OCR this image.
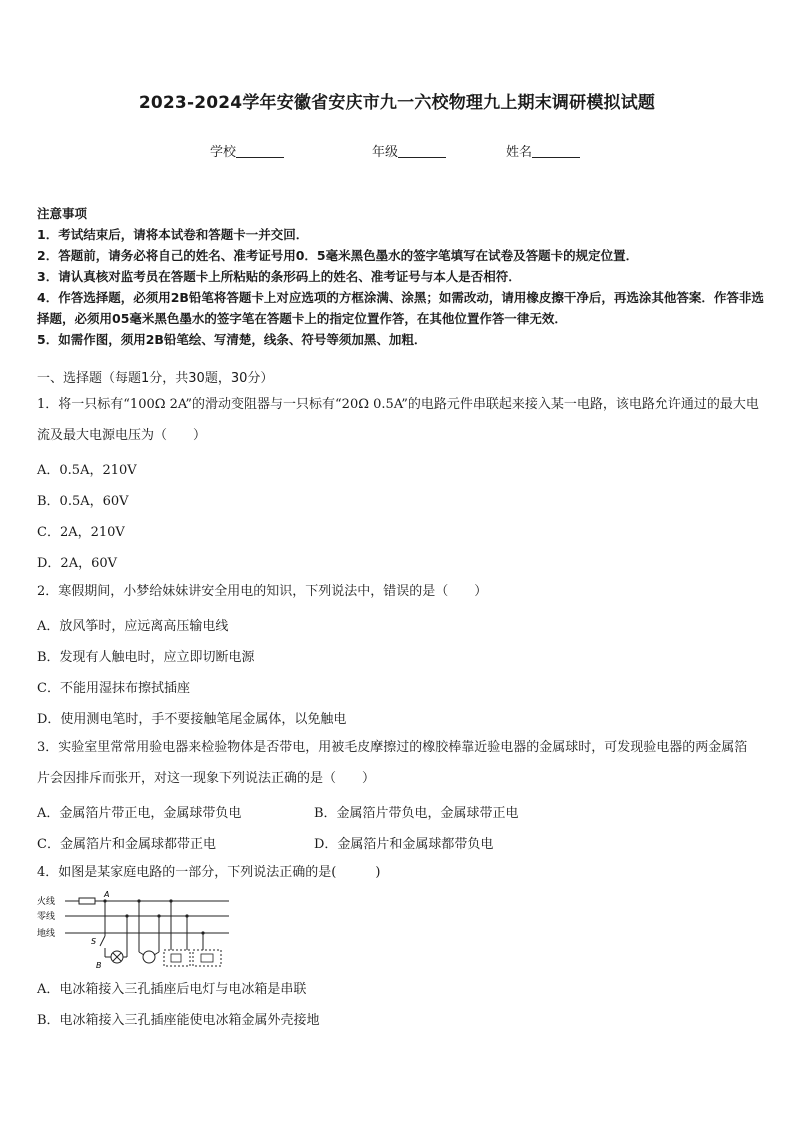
2023-2024学年安徽省安庆市九一六校物理九上期末调研模拟试题
学校	年级	姓名
注意事项
1．考试结束后，请将本试卷和答题卡一并交回．
2．答题前，请务必将自己的姓名、准考证号用0．5毫米黑色墨水的签字笔填写在试卷及答题卡的规定位置．
3．请认真核对监考员在答题卡上所粘贴的条形码上的姓名、准考证号与本人是否相符．
4．作答选择题，必须用2B铅笔将答题卡上对应选项的方框涂满、涂黑；如需改动，请用橡皮擦干净后，再选涂其他答案．作答非选择题，必须用05毫米黑色墨水的签字笔在答题卡上的指定位置作答，在其他位置作答一律无效．
5．如需作图，须用2B铅笔绘、写清楚，线条、符号等须加黑、加粗．
一、选择题（每题1分，共30题，30分）
1．将一只标有“100Ω 2A”的滑动变阻器与一只标有“20Ω 0.5A”的电路元件串联起来接入某一电路，该电路允许通过的最大电流及最大电源电压为（　　）
A．0.5A，210V
B．0.5A，60V
C．2A，210V
D．2A，60V
2．寒假期间，小梦给妹妹讲安全用电的知识，下列说法中，错误的是（　　）
A．放风筝时，应远离高压输电线
B．发现有人触电时，应立即切断电源
C．不能用湿抹布擦拭插座
D．使用测电笔时，手不要接触笔尾金属体，以免触电
3．实验室里常常用验电器来检验物体是否带电，用被毛皮摩擦过的橡胶棒靠近验电器的金属球时，可发现验电器的两金属箔片会因排斥而张开，对这一现象下列说法正确的是（　　）
A．金属箔片带正电，金属球带负电	B．金属箔片带负电，金属球带正电
C．金属箔片和金属球都带正电	D．金属箔片和金属球都带负电
4．如图是某家庭电路的一部分，下列说法正确的是(　　　)
火线
零线
地线
A
S
B
A．电冰箱接入三孔插座后电灯与电冰箱是串联
B．电冰箱接入三孔插座能使电冰箱金属外壳接地
